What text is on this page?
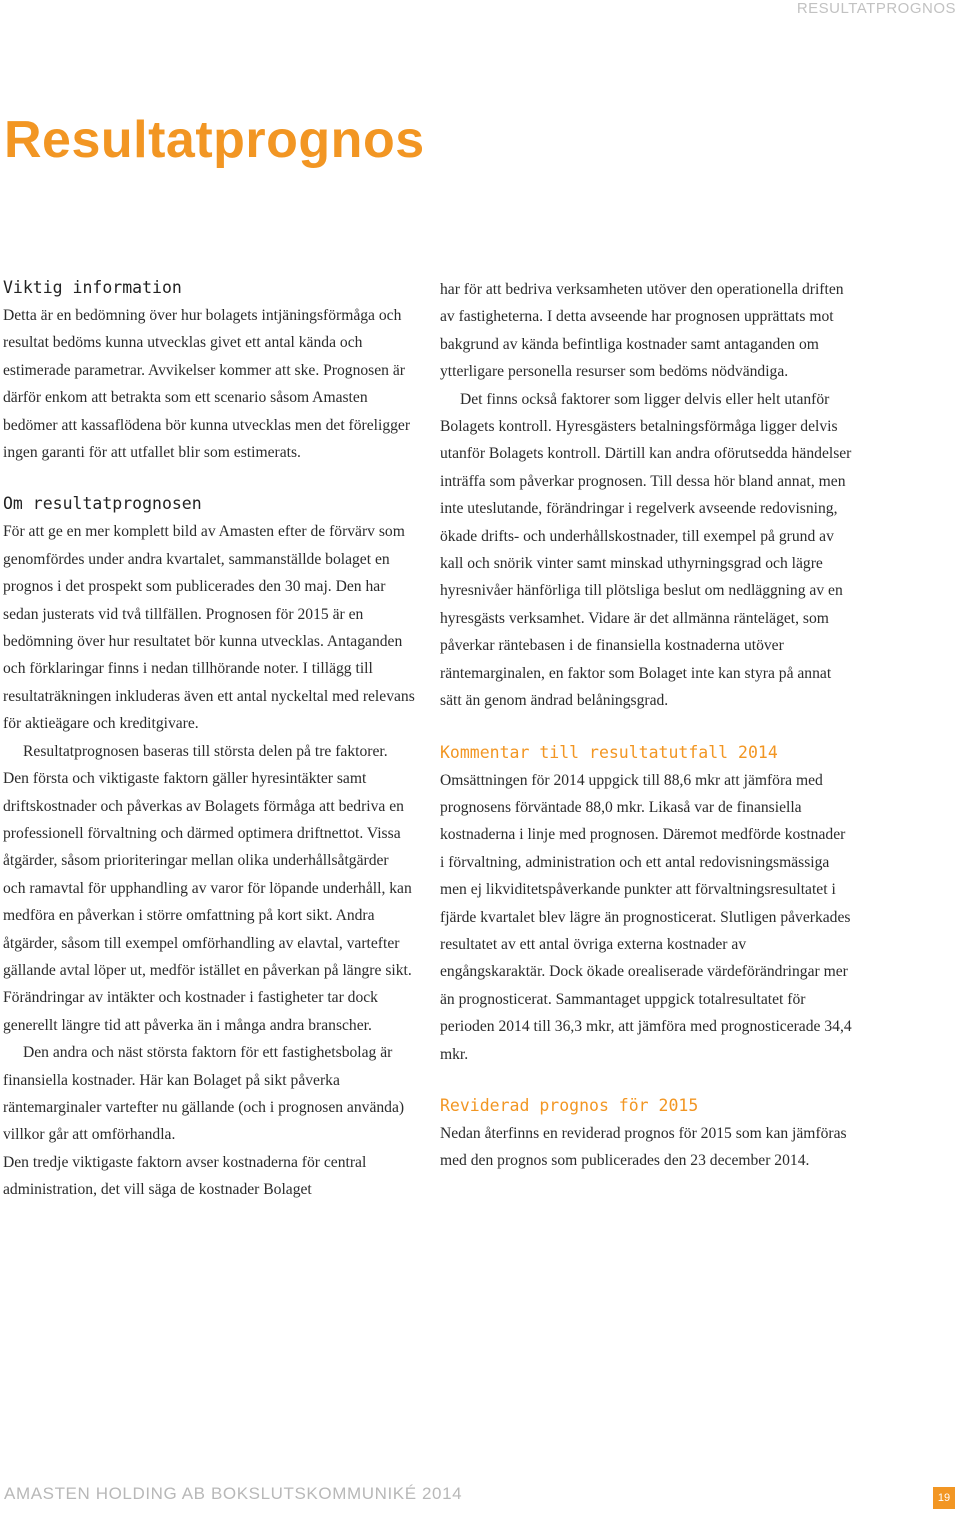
RESULTATPROGNOS
Resultatprognos
Viktig information

Detta är en bedömning över hur bolagets intjäningsförmåga och resultat bedöms kunna utvecklas givet ett antal kända och estimerade parametrar. Avvikelser kommer att ske. Prognosen är därför enkom att betrakta som ett scenario såsom Amasten bedömer att kassaflödena bör kunna utvecklas men det föreligger ingen garanti för att utfallet blir som estimerats.

Om resultatprognosen

För att ge en mer komplett bild av Amasten efter de förvärv som genomfördes under andra kvartalet, sammanställde bolaget en prognos i det prospekt som publicerades den 30 maj. Den har sedan justerats vid två tillfällen. Prognosen för 2015 är en bedömning över hur resultatet bör kunna utvecklas. Antaganden och förklaringar finns i nedan tillhörande noter. I tillägg till resultaträkningen inkluderas även ett antal nyckeltal med relevans för aktieägare och kreditgivare.

Resultatprognosen baseras till största delen på tre faktorer. Den första och viktigaste faktorn gäller hyresintäkter samt driftskostnader och påverkas av Bolagets förmåga att bedriva en professionell förvaltning och därmed optimera driftnettot. Vissa åtgärder, såsom prioriteringar mellan olika underhållsåtgärder och ramavtal för upphandling av varor för löpande underhåll, kan medföra en påverkan i större omfattning på kort sikt. Andra åtgärder, såsom till exempel omförhandling av elavtal, vartefter gällande avtal löper ut, medför istället en påverkan på längre sikt. Förändringar av intäkter och kostnader i fastigheter tar dock generellt längre tid att påverka än i många andra branscher.

Den andra och näst största faktorn för ett fastighetsbolag är finansiella kostnader. Här kan Bolaget på sikt påverka räntemarginaler vartefter nu gällande (och i prognosen använda) villkor går att omförhandla.

Den tredje viktigaste faktorn avser kostnaderna för central administration, det vill säga de kostnader Bolaget

har för att bedriva verksamheten utöver den operationella driften av fastigheterna. I detta avseende har prognosen upprättats mot bakgrund av kända befintliga kostnader samt antaganden om ytterligare personella resurser som bedöms nödvändiga.

Det finns också faktorer som ligger delvis eller helt utanför Bolagets kontroll. Hyresgästers betalningsförmåga ligger delvis utanför Bolagets kontroll. Därtill kan andra oförutsedda händelser inträffa som påverkar prognosen. Till dessa hör bland annat, men inte uteslutande, förändringar i regelverk avseende redovisning, ökade drifts- och underhållskostnader, till exempel på grund av kall och snörik vinter samt minskad uthyrningsgrad och lägre hyresnivåer hänförliga till plötsliga beslut om nedläggning av en hyresgästs verksamhet. Vidare är det allmänna ränteläget, som påverkar räntebasen i de finansiella kostnaderna utöver räntemarginalen, en faktor som Bolaget inte kan styra på annat sätt än genom ändrad belåningsgrad.

Kommentar till resultatutfall 2014

Omsättningen för 2014 uppgick till 88,6 mkr att jämföra med prognosens förväntade 88,0 mkr. Likaså var de finansiella kostnaderna i linje med prognosen. Däremot medförde kostnader i förvaltning, administration och ett antal redovisningsmässiga men ej likviditetspåverkande punkter att förvaltningsresultatet i fjärde kvartalet blev lägre än prognosticerat. Slutligen påverkades resultatet av ett antal övriga externa kostnader av engångskaraktär. Dock ökade orealiserade värdeförändringar mer än prognosticerat. Sammantaget uppgick totalresultatet för perioden 2014 till 36,3 mkr, att jämföra med prognosticerade 34,4 mkr.

Reviderad prognos för 2015

Nedan återfinns en reviderad prognos för 2015 som kan jämföras med den prognos som publicerades den 23 december 2014.

AMASTEN HOLDING AB BOKSLUTSKOMMUNIKÉ 2014	19
